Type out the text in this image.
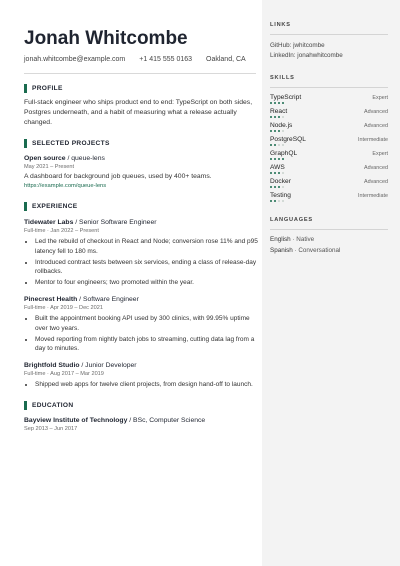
Jonah Whitcombe
jonah.whitcombe@example.com +1 415 555 0163 Oakland, CA
PROFILE
Full-stack engineer who ships product end to end: TypeScript on both sides, Postgres underneath, and a habit of measuring what a release actually changed.
SELECTED PROJECTS
Open source / queue-lens
May 2021 – Present
A dashboard for background job queues, used by 400+ teams.
https://example.com/queue-lens
EXPERIENCE
Tidewater Labs / Senior Software Engineer
Full-time · Jan 2022 – Present
• Led the rebuild of checkout in React and Node; conversion rose 11% and p95 latency fell to 180 ms.
• Introduced contract tests between six services, ending a class of release-day rollbacks.
• Mentor to four engineers; two promoted within the year.
Pinecrest Health / Software Engineer
Full-time · Apr 2019 – Dec 2021
• Built the appointment booking API used by 300 clinics, with 99.95% uptime over two years.
• Moved reporting from nightly batch jobs to streaming, cutting data lag from a day to minutes.
Brightfold Studio / Junior Developer
Full-time · Aug 2017 – Mar 2019
• Shipped web apps for twelve client projects, from design hand-off to launch.
EDUCATION
Bayview Institute of Technology / BSc, Computer Science
Sep 2013 – Jun 2017
LINKS
GitHub: jwhitcombe
LinkedIn: jonahwhitcombe
SKILLS
TypeScript	Expert
React	Advanced
Node.js	Advanced
PostgreSQL	Intermediate
GraphQL	Expert
AWS	Advanced
Docker	Advanced
Testing	Intermediate
LANGUAGES
English · Native
Spanish · Conversational
